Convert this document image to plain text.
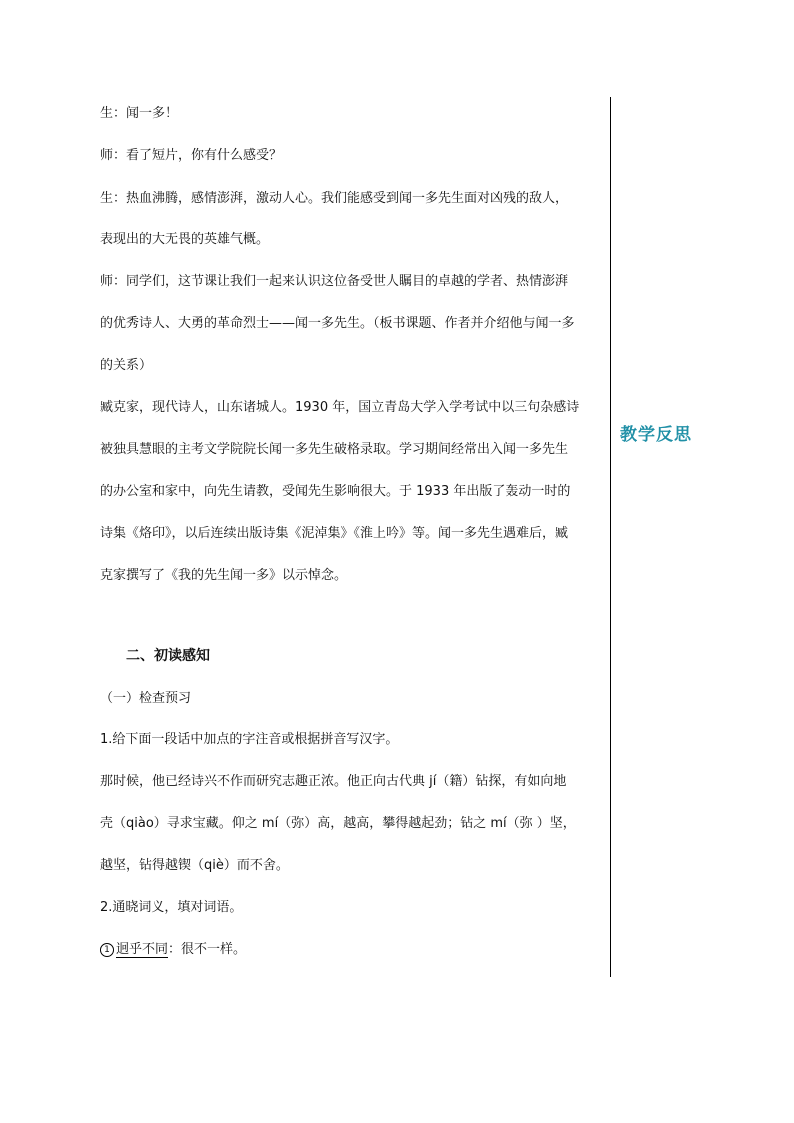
教学反思
生：闻一多！
师：看了短片，你有什么感受？
生：热血沸腾，感情澎湃，激动人心。我们能感受到闻一多先生面对凶残的敌人，
表现出的大无畏的英雄气概。
师：同学们，这节课让我们一起来认识这位备受世人瞩目的卓越的学者、热情澎湃
的优秀诗人、大勇的革命烈士——闻一多先生。（板书课题、作者并介绍他与闻一多
的关系）
臧克家，现代诗人，山东诸城人。1930 年，国立青岛大学入学考试中以三句杂感诗
被独具慧眼的主考文学院院长闻一多先生破格录取。学习期间经常出入闻一多先生
的办公室和家中，向先生请教，受闻先生影响很大。于 1933 年出版了轰动一时的
诗集《烙印》，以后连续出版诗集《泥淖集》《淮上吟》等。闻一多先生遇难后，臧
克家撰写了《我的先生闻一多》以示悼念。
二、初读感知
（一）检查预习
1.给下面一段话中加点的字注音或根据拼音写汉字。
那时候，他已经诗兴不作而研究志趣正浓。他正向古代典 jí（籍）钻探，有如向地
壳（qiào）寻求宝藏。仰之 mí（弥）高，越高，攀得越起劲；钻之 mí（弥 ）坚，
越坚，钻得越锲（qiè）而不舍。
2.通晓词义，填对词语。
1 迥乎不同：很不一样。
